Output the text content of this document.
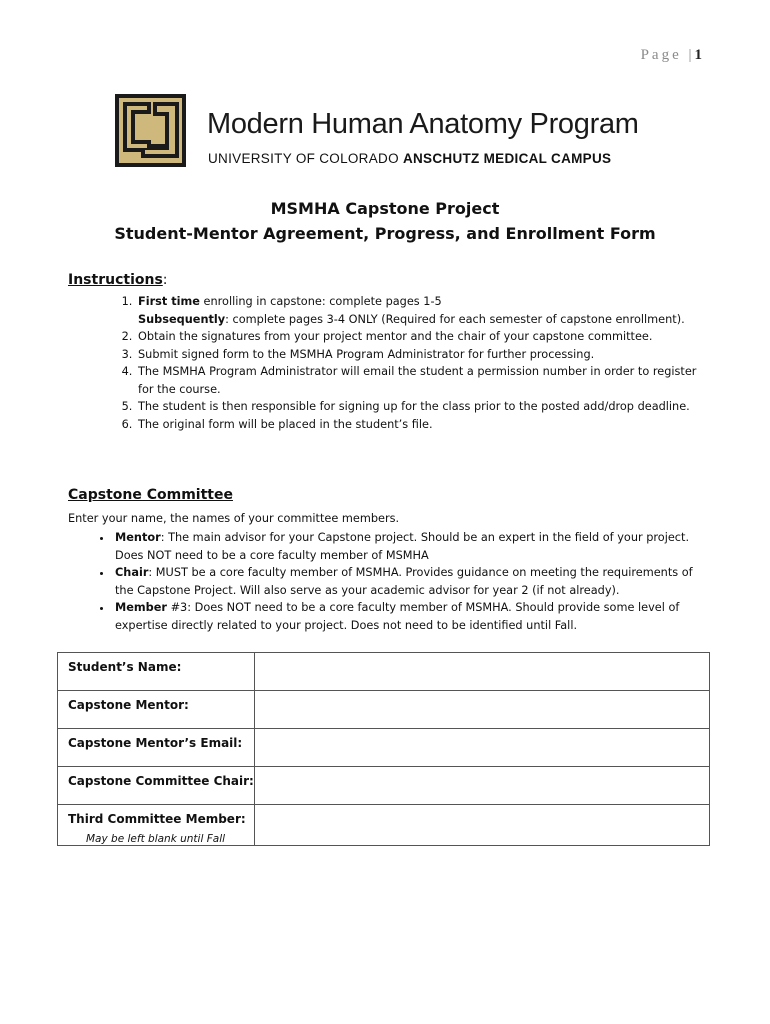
Page |1
Modern Human Anatomy Program
UNIVERSITY OF COLORADO ANSCHUTZ MEDICAL CAMPUS
MSMHA Capstone Project
Student-Mentor Agreement, Progress, and Enrollment Form
Instructions:
1. First time enrolling in capstone: complete pages 1-5
Subsequently: complete pages 3-4 ONLY (Required for each semester of capstone enrollment).
2. Obtain the signatures from your project mentor and the chair of your capstone committee.
3. Submit signed form to the MSMHA Program Administrator for further processing.
4. The MSMHA Program Administrator will email the student a permission number in order to register for the course.
5. The student is then responsible for signing up for the class prior to the posted add/drop deadline.
6. The original form will be placed in the student’s file.
Capstone Committee
Enter your name, the names of your committee members.
• Mentor: The main advisor for your Capstone project. Should be an expert in the field of your project. Does NOT need to be a core faculty member of MSMHA
• Chair: MUST be a core faculty member of MSMHA. Provides guidance on meeting the requirements of the Capstone Project. Will also serve as your academic advisor for year 2 (if not already).
• Member #3: Does NOT need to be a core faculty member of MSMHA. Should provide some level of expertise directly related to your project. Does not need to be identified until Fall.
Student’s Name:	
Capstone Mentor:	
Capstone Mentor’s Email:	
Capstone Committee Chair:	
Third Committee Member:
May be left blank until Fall
